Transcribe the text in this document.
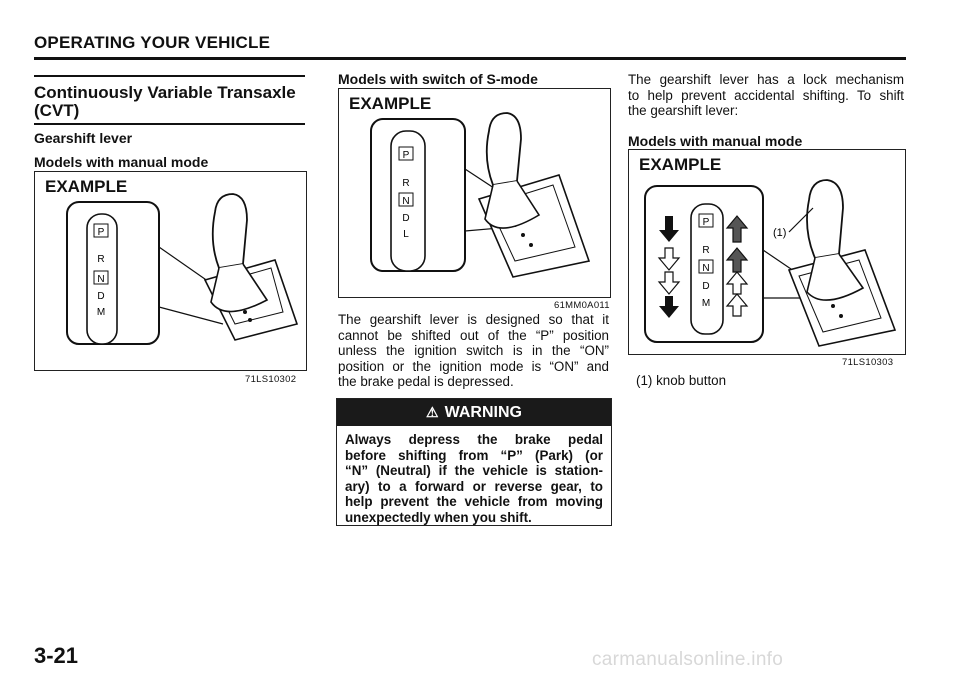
OPERATING YOUR VEHICLE
Continuously Variable Transaxle
(CVT)
Gearshift lever
Models with manual mode
EXAMPLE
P
R
N
D
M
71LS10302
Models with switch of S-mode
EXAMPLE
P
R
N
D
L
61MM0A011
The gearshift lever is designed so that it
cannot be shifted out of the “P” position
unless the ignition switch is in the “ON”
position or the ignition mode is “ON” and
the brake pedal is depressed.
⚠ WARNING
Always depress the brake pedal
before shifting from “P” (Park) (or
“N” (Neutral) if the vehicle is station-
ary) to a forward or reverse gear, to
help prevent the vehicle from moving
unexpectedly when you shift.
The gearshift lever has a lock mechanism
to help prevent accidental shifting. To shift
the gearshift lever:
Models with manual mode
EXAMPLE
P
R
N
D
M
(1)
71LS10303
(1) knob button
3-21	carmanualsonline.info
